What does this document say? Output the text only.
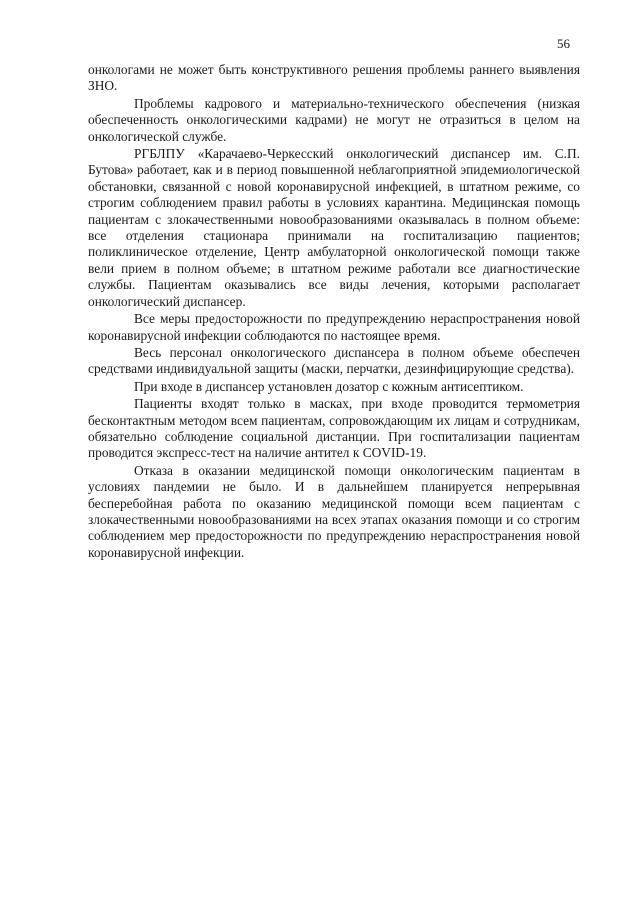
56

онкологами не может быть конструктивного решения проблемы раннего выявления ЗНО.

Проблемы кадрового и материально-технического обеспечения (низкая обеспеченность онкологическими кадрами) не могут не отразиться в целом на онкологической службе.

РГБЛПУ «Карачаево-Черкесский онкологический диспансер им. С.П. Бутова» работает, как и в период повышенной неблагоприятной эпидемиологической обстановки, связанной с новой коронавирусной инфекцией, в штатном режиме, со строгим соблюдением правил работы в условиях карантина. Медицинская помощь пациентам с злокачественными новообразованиями оказывалась в полном объеме: все отделения стационара принимали на госпитализацию пациентов; поликлиническое отделение, Центр амбулаторной онкологической помощи также вели прием в полном объеме; в штатном режиме работали все диагностические службы. Пациентам оказывались все виды лечения, которыми располагает онкологический диспансер.

Все меры предосторожности по предупреждению нераспространения новой коронавирусной инфекции соблюдаются по настоящее время.

Весь персонал онкологического диспансера в полном объеме обеспечен средствами индивидуальной защиты (маски, перчатки, дезинфицирующие средства).

При входе в диспансер установлен дозатор с кожным антисептиком.

Пациенты входят только в масках, при входе проводится термометрия бесконтактным методом всем пациентам, сопровождающим их лицам и сотрудникам, обязательно соблюдение социальной дистанции. При госпитализации пациентам проводится экспресс-тест на наличие антител к COVID-19.

Отказа в оказании медицинской помощи онкологическим пациентам в условиях пандемии не было. И в дальнейшем планируется непрерывная бесперебойная работа по оказанию медицинской помощи всем пациентам с злокачественными новообразованиями на всех этапах оказания помощи и со строгим соблюдением мер предосторожности по предупреждению нераспространения новой коронавирусной инфекции.
